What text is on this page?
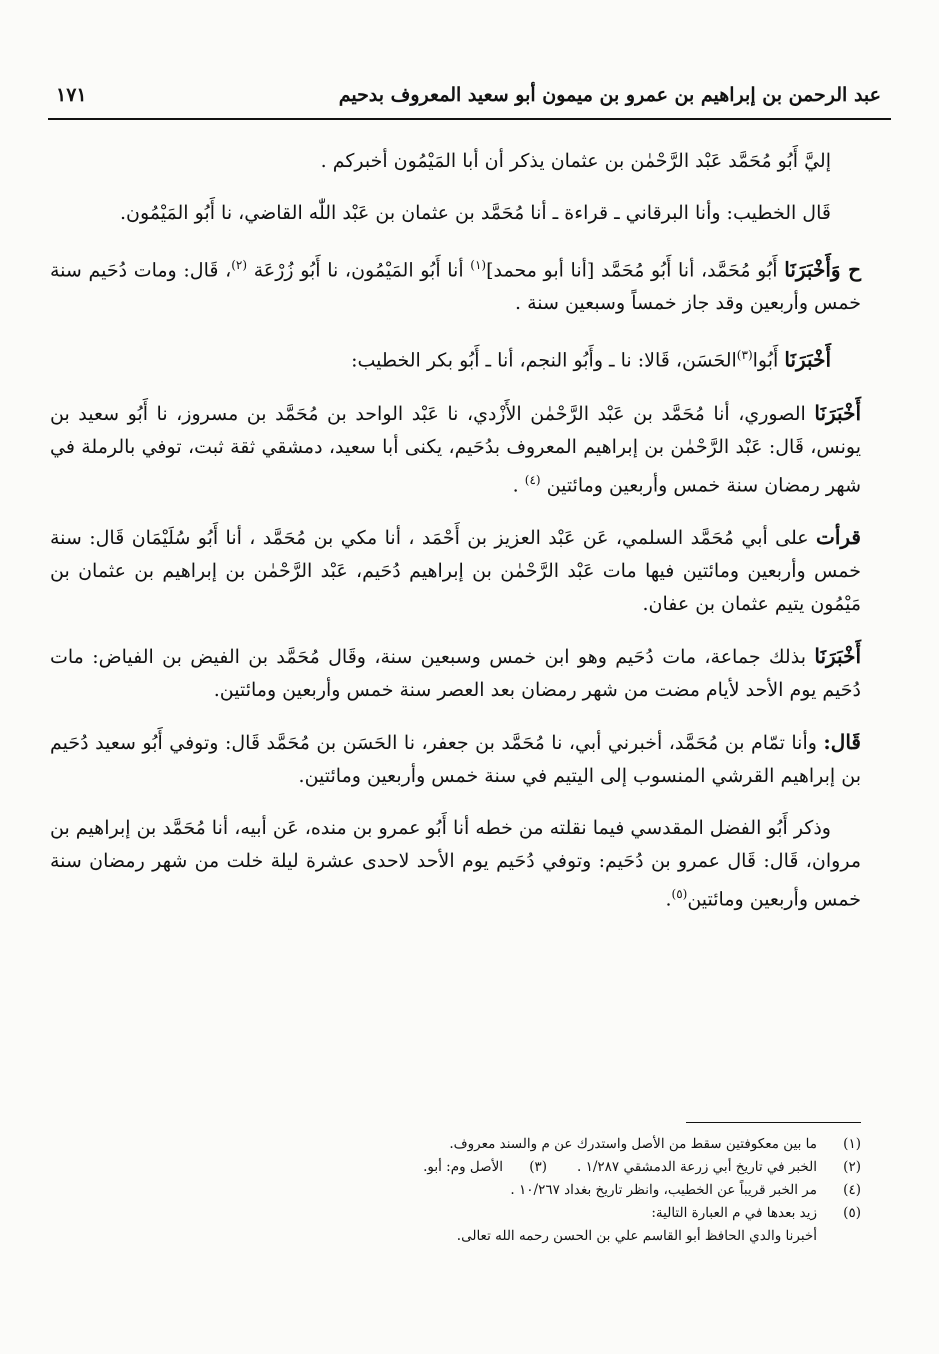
عبد الرحمن بن إبراهيم بن عمرو بن ميمون أبو سعيد المعروف بدحيم
١٧١

إليَّ أَبُو مُحَمَّد عَبْد الرَّحْمٰن بن عثمان يذكر أن أبا المَيْمُون أخبركم .

قَال الخطيب: وأنا البرقاني ـ قراءة ـ أنا مُحَمَّد بن عثمان بن عَبْد اللّٰه القاضي، نا أَبُو المَيْمُون.

ح وَأَخْبَرَنَا أَبُو مُحَمَّد، أنا أَبُو مُحَمَّد [أنا أبو محمد]$^{(١)}$ أنا أَبُو المَيْمُون، نا أَبُو زُرْعَة $^{(٢)}$، قَال: ومات دُحَيم سنة خمس وأربعين وقد جاز خمساً وسبعين سنة .

أَخْبَرَنَا أَبُوا$^{(٣)}$الحَسَن، قَالا: نا ـ وأَبُو النجم، أنا ـ أَبُو بكر الخطيب:

أَخْبَرَنَا الصوري، أنا مُحَمَّد بن عَبْد الرَّحْمٰن الأَزْدي، نا عَبْد الواحد بن مُحَمَّد بن مسروز، نا أَبُو سعيد بن يونس، قَال: عَبْد الرَّحْمٰن بن إبراهيم المعروف بدُحَيم، يكنى أبا سعيد، دمشقي ثقة ثبت، توفي بالرملة في شهر رمضان سنة خمس وأربعين ومائتين $^{(٤)}$ .

قرأت على أبي مُحَمَّد السلمي، عَن عَبْد العزيز بن أَحْمَد ، أنا مكي بن مُحَمَّد ، أنا أَبُو سُلَيْمَان قَال: سنة خمس وأربعين ومائتين فيها مات عَبْد الرَّحْمٰن بن إبراهيم دُحَيم، عَبْد الرَّحْمٰن بن إبراهيم بن عثمان بن مَيْمُون يتيم عثمان بن عفان.

أَخْبَرَنَا بذلك جماعة، مات دُحَيم وهو ابن خمس وسبعين سنة، وقَال مُحَمَّد بن الفيض بن الفياض: مات دُحَيم يوم الأحد لأيام مضت من شهر رمضان بعد العصر سنة خمس وأربعين ومائتين.

قَال: وأنا تمّام بن مُحَمَّد، أخبرني أبي، نا مُحَمَّد بن جعفر، نا الحَسَن بن مُحَمَّد قَال: وتوفي أَبُو سعيد دُحَيم بن إبراهيم القرشي المنسوب إلى اليتيم في سنة خمس وأربعين ومائتين.

وذكر أَبُو الفضل المقدسي فيما نقلته من خطه أنا أَبُو عمرو بن منده، عَن أبيه، أنا مُحَمَّد بن إبراهيم بن مروان، قَال: قَال عمرو بن دُحَيم: وتوفي دُحَيم يوم الأحد لاحدى عشرة ليلة خلت من شهر رمضان سنة خمس وأربعين ومائتين$^{(٥)}$.

(١)
ما بين معكوفتين سقط من الأصل واستدرك عن م والسند معروف.
(٢)
الخبر في تاريخ أبي زرعة الدمشقي ١/٢٨٧ .
(٣)
الأصل وم: أبو.
(٤)
مر الخبر قريباً عن الخطيب، وانظر تاريخ بغداد ١٠/٢٦٧ .
(٥)
زيد بعدها في م العبارة التالية:
أخبرنا والدي الحافظ أبو القاسم علي بن الحسن رحمه الله تعالى.
